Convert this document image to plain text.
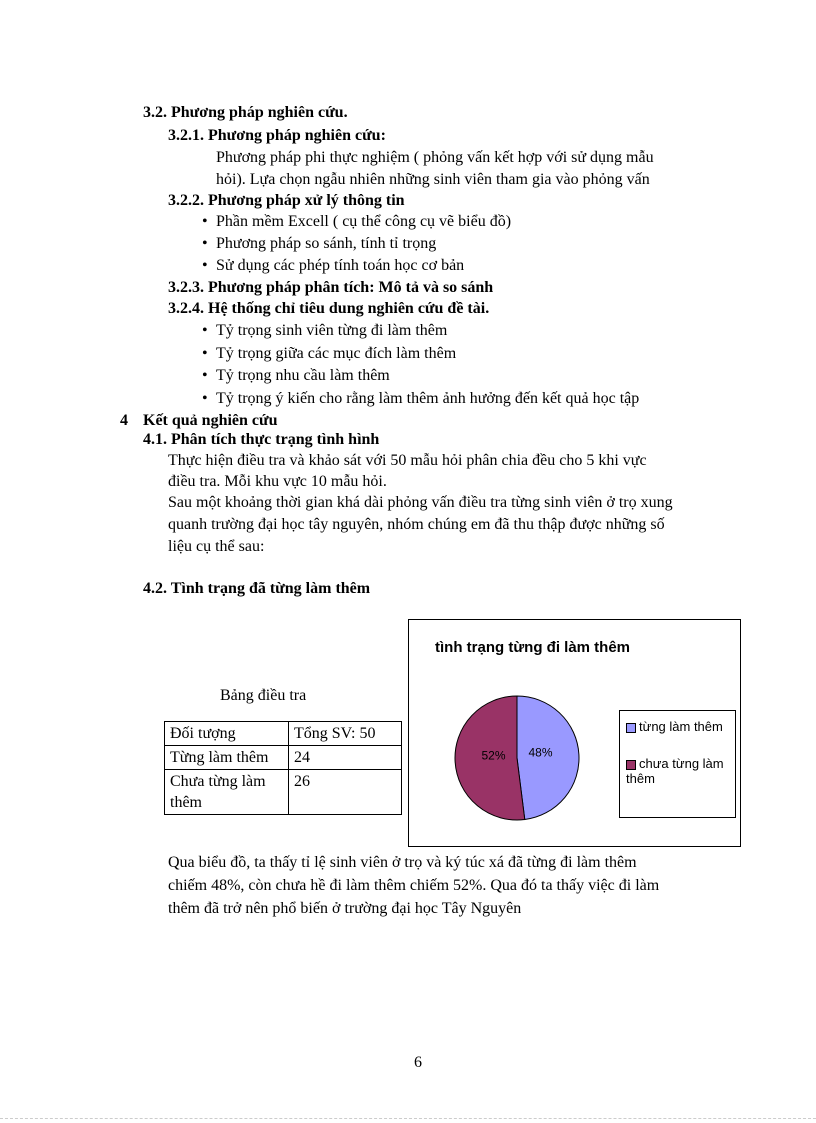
3.2. Phương pháp nghiên cứu.
3.2.1. Phương pháp nghiên cứu:
Phương pháp phi thực nghiệm ( phỏng vấn kết hợp với sử dụng mẫu
hỏi). Lựa chọn ngẫu nhiên những sinh viên tham gia vào phỏng vấn
3.2.2. Phương pháp xử lý thông tin
• Phần mềm Excell ( cụ thể công cụ vẽ biểu đồ)
• Phương pháp so sánh, tính tỉ trọng
• Sử dụng các phép tính toán học cơ bản
3.2.3. Phương pháp phân tích: Mô tả và so sánh
3.2.4. Hệ thống chỉ tiêu dung nghiên cứu đề tài.
• Tỷ trọng sinh viên từng đi làm thêm
• Tỷ trọng giữa các mục đích làm thêm
• Tỷ trọng nhu cầu làm thêm
• Tỷ trọng ý kiến cho rằng làm thêm ảnh hưởng đến kết quả học tập
4 Kết quả nghiên cứu
4.1. Phân tích thực trạng tình hình
Thực hiện điều tra và khảo sát với 50 mẫu hỏi phân chia đều cho 5 khi vực
điều tra. Mỗi khu vực 10 mẫu hỏi.
Sau một khoảng thời gian khá dài phỏng vấn điều tra từng sinh viên ở trọ xung
quanh trường đại học tây nguyên, nhóm chúng em đã thu thập được những số
liệu cụ thể sau:
4.2. Tình trạng đã từng làm thêm
Bảng điều tra
Đối tượng	Tổng SV: 50
Từng làm thêm	24
Chưa từng làm thêm	26
tình trạng từng đi làm thêm
48%
52%
từng làm thêm
chưa từng làm thêm
Qua biểu đồ, ta thấy tỉ lệ sinh viên ở trọ và ký túc xá đã từng đi làm thêm
chiếm 48%, còn chưa hề đi làm thêm chiếm 52%. Qua đó ta thấy việc đi làm
thêm đã trở nên phổ biến ở trường đại học Tây Nguyên
6
